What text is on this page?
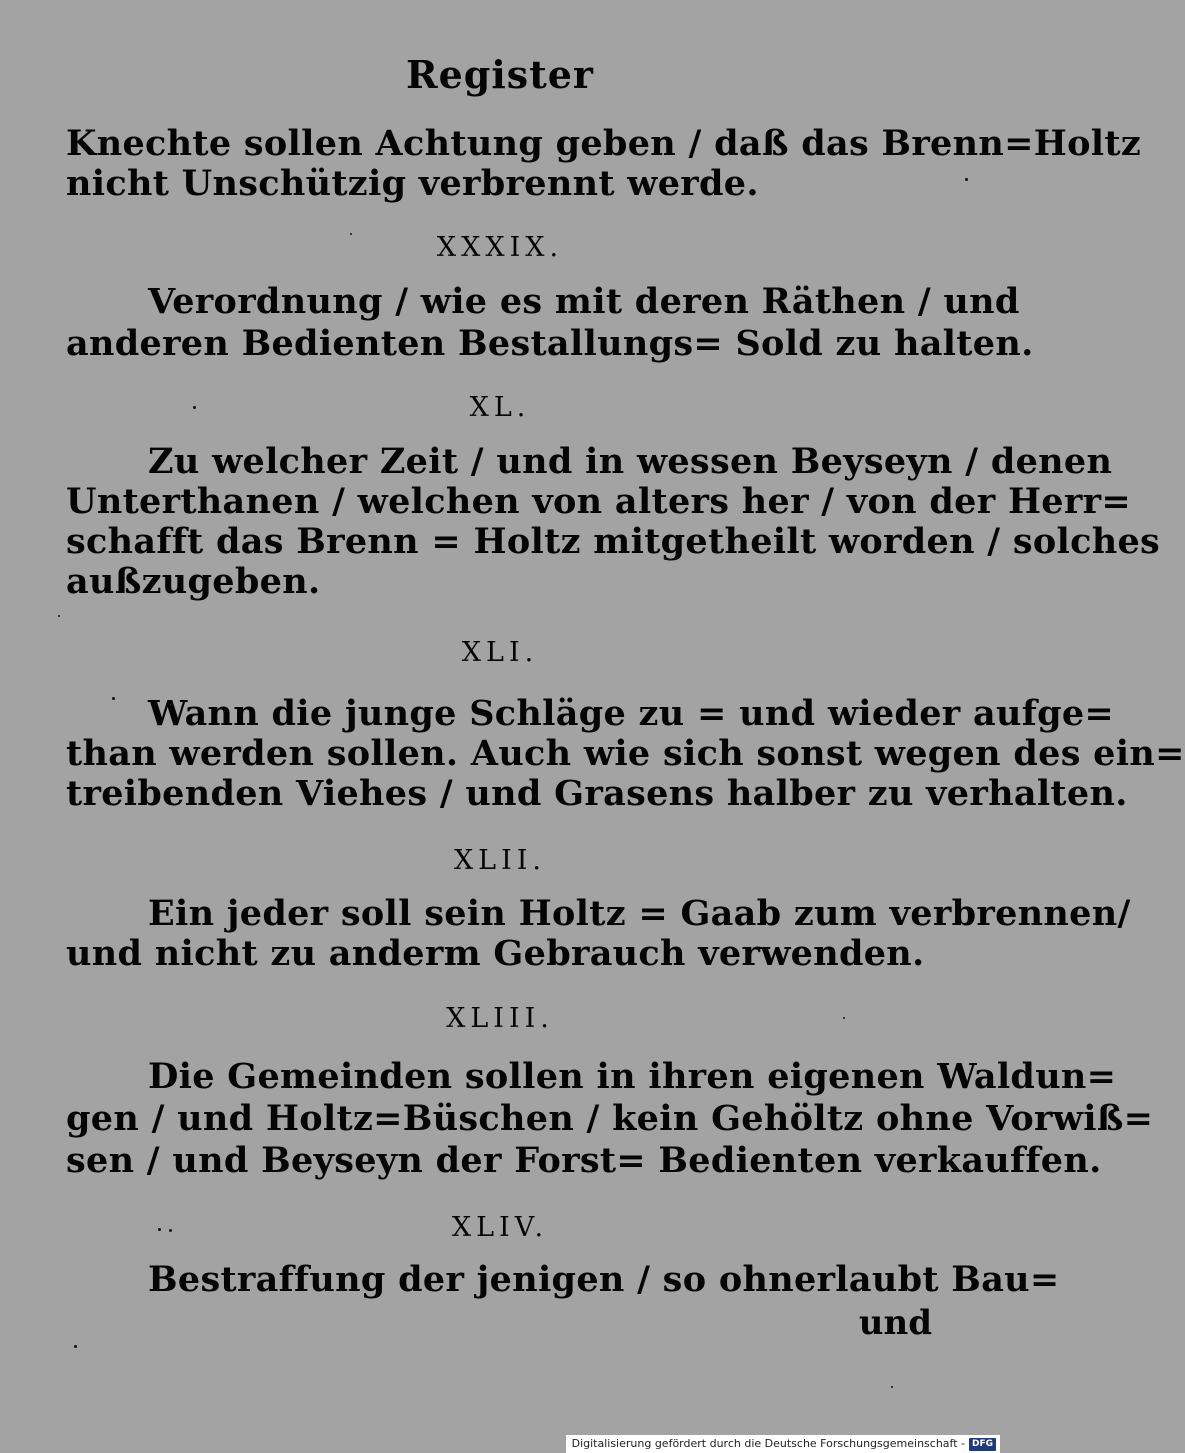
Register
Knechte sollen Achtung geben / daß das Brenn=Holtz
nicht Unschützig verbrennt werde.
XXXIX.
Verordnung / wie es mit deren Räthen / und
anderen Bedienten Bestallungs= Sold zu halten.
XL.
Zu welcher Zeit / und in wessen Beyseyn / denen
Unterthanen / welchen von alters her / von der Herr=
schafft das Brenn = Holtz mitgetheilt worden / solches
außzugeben.
XLI.
Wann die junge Schläge zu = und wieder aufge=
than werden sollen. Auch wie sich sonst wegen des ein=
treibenden Viehes / und Grasens halber zu verhalten.
XLII.
Ein jeder soll sein Holtz = Gaab zum verbrennen/
und nicht zu anderm Gebrauch verwenden.
XLIII.
Die Gemeinden sollen in ihren eigenen Waldun=
gen / und Holtz=Büschen / kein Gehöltz ohne Vorwiß=
sen / und Beyseyn der Forst= Bedienten verkauffen.
XLIV.
Bestraffung der jenigen / so ohnerlaubt Bau=
und
Digitalisierung gefördert durch die Deutsche Forschungsgemeinschaft - DFG
